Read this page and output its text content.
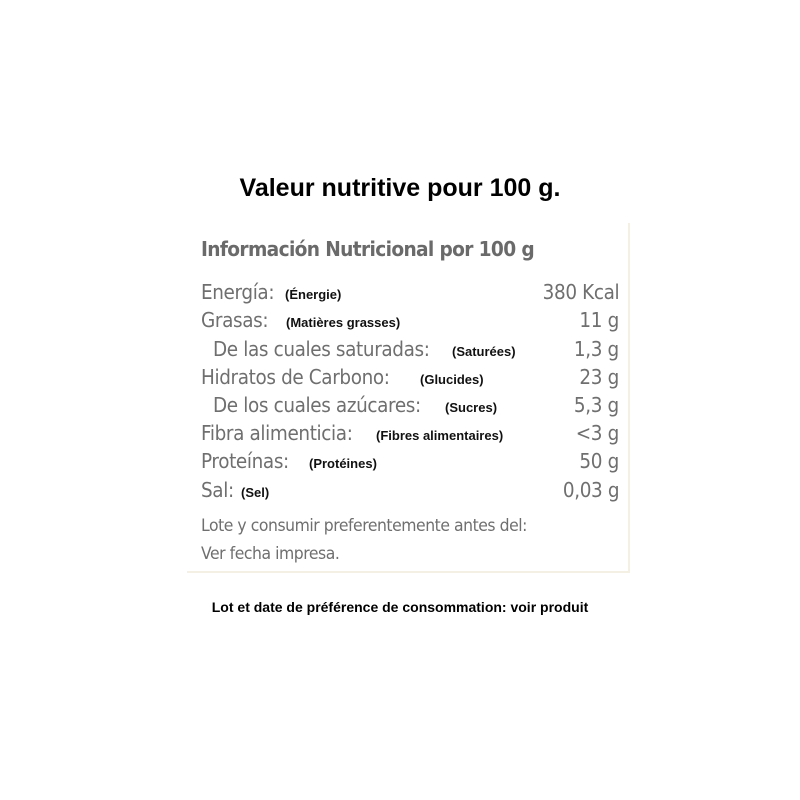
Valeur nutritive pour 100 g.
Información Nutricional por 100 g
Energía: (Énergie)	380 Kcal
Grasas: (Matières grasses)	11 g
De las cuales saturadas: (Saturées)	1,3 g
Hidratos de Carbono: (Glucides)	23 g
De los cuales azúcares: (Sucres)	5,3 g
Fibra alimenticia: (Fibres alimentaires)	<3 g
Proteínas: (Protéines)	50 g
Sal: (Sel)	0,03 g
Lote y consumir preferentemente antes del:
Ver fecha impresa.
Lot et date de préférence de consommation: voir produit
